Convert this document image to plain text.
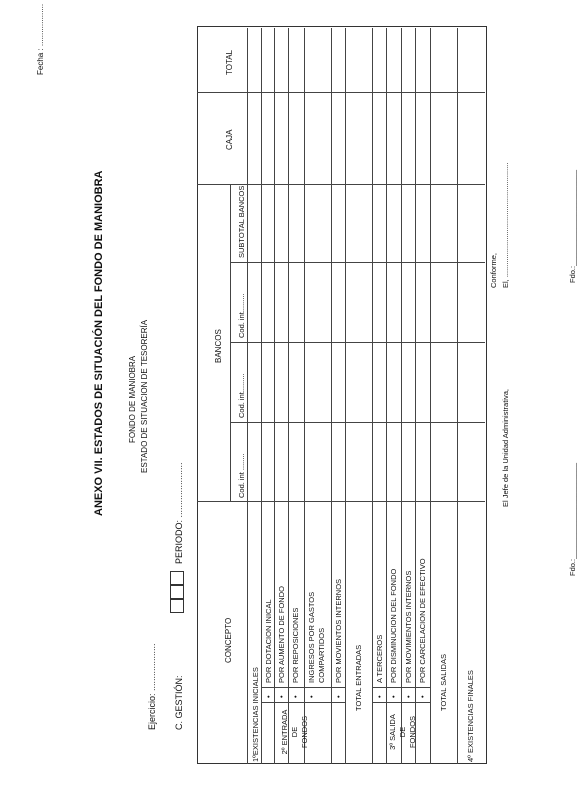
Fecha : ...................
ANEXO VII. ESTADOS DE SITUACIÓN DEL FONDO DE MANIOBRA	FONDO DE MANIOBRA ESTADO DE SITUACION DE TESORERÍA
Ejercicio: ................... C. GESTIÓN:
PERIODO: ......................
CONCEPTO
BANCOS
Cod. int ........
Cod. int.........
Cod. int.........
SUBTOTAL BANCOS
CAJA
TOTAL
1ºEXISTENCIAS INICIALES	2º ENTRADA DE FONDOS
•
POR DOTACION INICAL
•
POR AUMENTO DE FONDO
•
POR REPOSICIONES
•
INGRESOS POR GASTOS COMPARTIDOS
•
POR MOVIENTOS INTERNOS TOTAL ENTRADAS
3º SALIDA DE FONDOS
•
A TERCEROS
•
POR DISMINUCION DEL FONDO
•
POR MOVIMIENTOS INTERNOS
•
POR CARCELACION DE EFECTIVO TOTAL SALIDAS 4º EXISTENCIAS FINALES
El Jefe de la Unidad Administrativa,
Conforme, El, .......................................................
Fdo.:_______________________
Fdo.:_______________________
